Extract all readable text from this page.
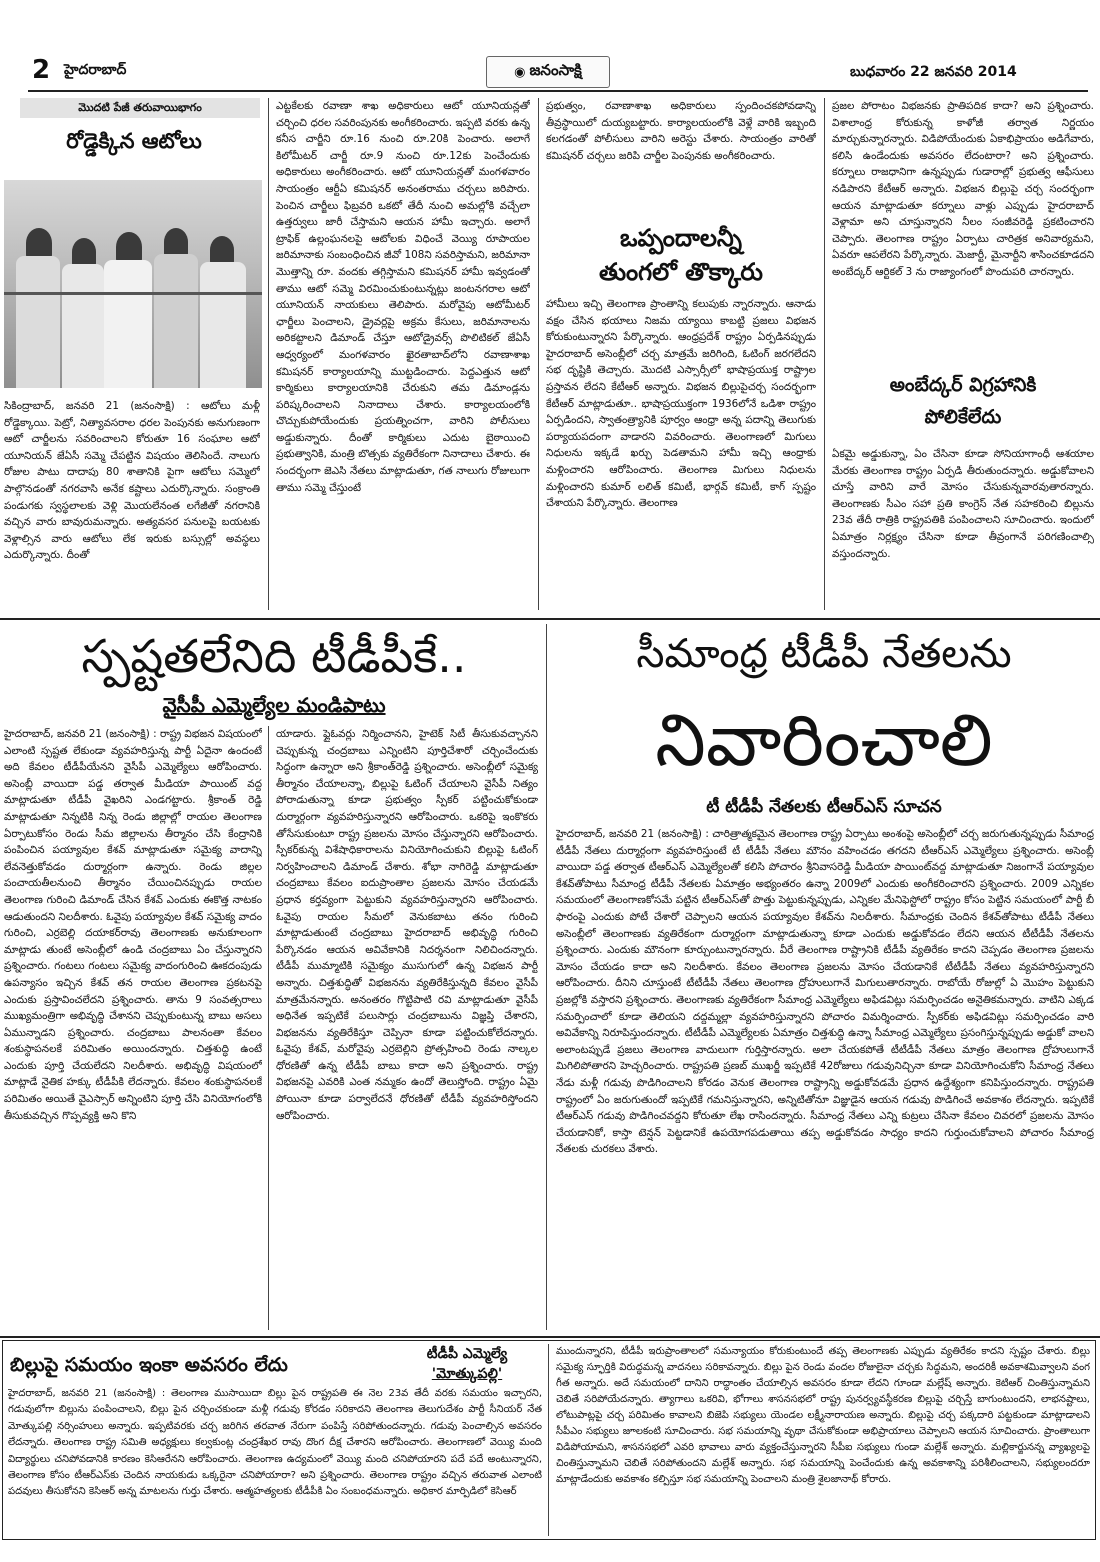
2 హైదరాబాద్	◉ జనంసాక్షి	బుధవారం 22 జనవరి 2014
మొదటి పేజీ తరువాయిభాగం
రోడ్డెక్కిన ఆటోలు
సికింద్రాబాద్, జనవరి 21 (జనంసాక్షి) : ఆటోలు మళ్లీ రోడ్డెక్కాయి. పెట్రో, నిత్యావసరాల ధరల పెంపునకు అనుగుణంగా ఆటో చార్జీలను సవరించాలని కోరుతూ 16 సంఘాల ఆటో యూనియన్ జేఏసీ సమ్మె చేపట్టిన విషయం తెలిసిందే. నాలుగు రోజుల పాటు దాదాపు 80 శాతానికి పైగా ఆటోలు సమ్మెలో పాల్గొనడంతో నగరవాసి అనేక కష్టాలు ఎదుర్కొన్నారు. సంక్రాంతి పండుగకు స్వస్థలాలకు వెళ్లి మొయలేనంత లగేజీతో నగరానికి వచ్చిన వారు బావురుమన్నారు. అత్యవసర పనులపై బయటకు వెళ్లాల్సిన వారు ఆటోలు లేక ఇరుకు బస్సుల్లో అవస్థలు ఎదుర్కొన్నారు. దీంతో
ఎట్టకేలకు రవాణా శాఖ అధికారులు ఆటో యూనియన్లతో చర్చించి ధరల సవరింపునకు అంగీకరించారు. ఇప్పటి వరకు ఉన్న కనీస చార్జీని రూ.16 నుంచి రూ.20కి పెంచారు. అలాగే కిలోమీటర్ చార్జీ రూ.9 నుంచి రూ.12కు పెంచేందుకు అధికారులు అంగీకరించారు. ఆటో యూనియన్లతో మంగళవారం సాయంత్రం ఆర్టీఏ కమిషనర్ అనంతరాము చర్చలు జరిపారు. పెంచిన చార్జీలు ఫిబ్రవరి ఒకటో తేదీ నుంచి అమల్లోకి వచ్చేలా ఉత్తర్వులు జారీ చేస్తామని ఆయన హామీ ఇచ్చారు. అలాగే ట్రాఫిక్ ఉల్లంఘనలపై ఆటోలకు విధించే వెయ్యి రూపాయల జరిమానాకు సంబంధించిన జీవో 108ని సవరిస్తామని, జరిమానా మొత్తాన్ని రూ. వందకు తగ్గిస్తామని కమిషనర్ హామీ ఇవ్వడంతో తాము ఆటో సమ్మె విరమించుకుంటున్నట్లు జంటనగరాల ఆటో యూనియన్ నాయకులు తెలిపారు. మరోవైపు ఆటోమీటర్ ఛార్జీలు పెంచాలని, డ్రైవర్లపై అక్రమ కేసులు, జరిమానాలను అరికట్టాలని డిమాండ్ చేస్తూ ఆటోడ్రైవర్స్ పొలిటికల్ జేఏసీ ఆధ్వర్యంలో మంగళవారం ఖైరతాబాద్‌లోని రవాణాశాఖ కమిషనర్ కార్యాలయాన్ని ముట్టడించారు. పెద్దఎత్తున ఆటో కార్మికులు కార్యాలయానికి చేరుకుని తమ డిమాండ్లను పరిష్కరించాలని నినాదాలు చేశారు. కార్యాలయంలోకి చొచ్చుకుపోయేందుకు ప్రయత్నించగా, వారిని పోలీసులు అడ్డుకున్నారు. దీంతో కార్మికులు ఎదుట బైఠాయించి ప్రభుత్వానికి, మంత్రి బొత్సకు వ్యతిరేకంగా నినాదాలు చేశారు. ఈ సందర్భంగా జెఎసి నేతలు మాట్లాడుతూ, గత నాలుగు రోజులుగా తాము సమ్మె చేస్తుంటే
ప్రభుత్వం, రవాణాశాఖ అధికారులు స్పందించకపోవడాన్ని తీవ్రస్థాయిలో దుయ్యబట్టారు. కార్యాలయంలోకి వెళ్లే వారికి ఇబ్బంది కలగడంతో పోలీసులు వారిని అరెస్టు చేశారు. సాయంత్రం వారితో కమిషనర్ చర్చలు జరిపి చార్జీల పెంపునకు అంగీకరించారు.
ఒప్పందాలన్నీ
తుంగలో తొక్కారు
హామీలు ఇచ్చి తెలంగాణ ప్రాంతాన్ని కలుపుకు న్నారన్నారు. ఆనాడు వక్షం చేసిన భయాలు నిజమ య్యాయి కాబట్టి ప్రజలు విభజన కోరుకుంటున్నారని పేర్కొన్నారు. ఆంధ్రప్రదేశ్ రాష్ట్రం ఏర్పడినప్పుడు హైదరాబాద్ అసెంబ్లీలో చర్చ మాత్రమే జరిగింది, ఓటింగ్ జరగలేదని సభ దృష్టికి తెచ్చారు. మొదటి ఎస్సార్సీలో భాషాప్రయుక్త రాష్ట్రాల ప్రస్తావన లేదని కేటీఆర్ అన్నారు. విభజన బిల్లుపైచర్చ సందర్భంగా కేటీఆర్ మాట్లాడుతూ.. భాషాప్రయుక్తంగా 1936లోనే ఒడిశా రాష్ట్రం ఏర్పడిందని, స్వాతంత్ర్యానికి పూర్వం ఆంధ్రా అన్న పదాన్ని తెలుగుకు పర్యాయపదంగా వాడారని వివరించారు. తెలంగాణలో మిగులు నిధులను ఇక్కడే ఖర్చు పెడతామని హామీ ఇచ్చి ఆంధ్రాకు మళ్లించారని ఆరోపించారు. తెలంగాణ మిగులు నిధులను మళ్లించారని కుమార్ లలిత్ కమిటీ, భార్గవ్ కమిటీ, కాగ్ స్పష్టం చేశాయని పేర్కొన్నారు. తెలంగాణ
ప్రజల పోరాటం విభజనకు ప్రాతిపదిక కాదా? అని ప్రశ్నించారు. విశాలాంధ్ర కోరుకున్న కాళోజీ తర్వాత నిర్ణయం మార్చుకున్నారన్నారు. విడిపోయేందుకు ఏకాభిప్రాయం అడిగేవారు, కలిసి ఉండేందుకు అవసరం లేదంటారా? అని ప్రశ్నించారు. కర్నూలు రాజధానిగా ఉన్నప్పుడు గుడారాల్లో ప్రభుత్వ ఆఫీసులు నడిపారని కేటీఆర్ అన్నారు. విభజన బిల్లుపై చర్చ సందర్భంగా ఆయన మాట్లాడుతూ కర్నూలు వాళ్లు ఎప్పుడు హైదరాబాద్ వెళ్లామా అని చూస్తున్నారని నీలం సంజీవరెడ్డి ప్రకటించారని చెప్పారు. తెలంగాణ రాష్ట్రం ఏర్పాటు చారిత్రక అనివార్యమని, ఏవరూ ఆపలేరని పేర్కొన్నారు. మెజార్టీ, మైనార్టీని శాసించకూడదని అంబేద్కర్ ఆర్టికల్ 3 ను రాజ్యాంగంలో పొందుపరి చారన్నారు.
అంబేద్కర్ విగ్రహానికి
పోలికేలేదు
ఏకమై అడ్డుకున్నా, ఏం చేసినా కూడా సోనియాగాంధీ ఆశయాల మేరకు తెలంగాణ రాష్ట్రం ఏర్పడి తీరుతుందన్నారు. అడ్డుకోవాలని చూస్తే వారిని వారే మోసం చేసుకున్నవారవుతారన్నారు. తెలంగాణకు సీఎం సహా ప్రతి కాంగ్రెస్ నేత సహకరించి బిల్లును 23వ తేదీ రాత్రికి రాష్ట్రపతికి పంపించాలని సూచించారు. ఇందులో ఏమాత్రం నిర్లక్ష్యం చేసినా కూడా తీవ్రంగానే పరిగణించాల్సి వస్తుందన్నారు.
స్పష్టతలేనిది టీడీపీకే..
వైసీపీ ఎమ్మెల్యేల మండిపాటు
హైదరాబాద్, జనవరి 21 (జనంసాక్షి) : రాష్ట్ర విభజన విషయంలో ఎలాంటి స్పష్టత లేకుండా వ్యవహరిస్తున్న పార్టీ ఏదైనా ఉందంటే అది కేవలం టీడీపీయేనని వైసీపీ ఎమ్మెల్యేలు ఆరోపించారు. అసెంబ్లీ వాయిదా పడ్డ తర్వాత మీడియా పాయింట్ వద్ద మాట్లాడుతూ టీడీపీ వైఖరిని ఎండగట్టారు. శ్రీకాంత్ రెడ్డి మాట్లాడుతూ నిన్నటికి నిన్న రెండు జిల్లాల్లో రాయల తెలంగాణ ఏర్పాటుకోసం రెండు సీమ జిల్లాలను తీర్మానం చేసి కేంద్రానికి పంపించిన పయ్యావుల కేశవ్ మాట్లాడుతూ సమైక్య వాదాన్ని లేవనెత్తుకోవడం దుర్మార్గంగా ఉన్నారు. రెండు జిల్లల పంచాయతీలనుంచి తీర్మానం చేయించినప్పుడు రాయల తెలంగాణ గురించి డిమాండ్ చేసిన కేశవ్ ఎందుకు ఈకొత్త నాటకం ఆడుతుందని నిలదీశారు. ఓవైపు పయ్యావుల కేశవ్ సమైక్య వాదం గురించి, ఎర్రబెల్లి దయాకర్‌రావు తెలంగాణకు అనుకూలంగా మాట్లాడు తుంటే అసెంబ్లీలో ఉండి చంద్రబాబు ఏం చేస్తున్నారని ప్రశ్నించారు. గంటలు గంటలు సమైక్య వాదంగురించి ఊకదంపుడు ఉపన్యాసం ఇచ్చిన కేశవ్ తన రాయల తెలంగాణ ప్రకటనపై ఎందుకు ప్రస్తావించలేదని ప్రశ్నించారు. తాను 9 సంవత్సరాలు ముఖ్యమంత్రిగా అభివృద్ధి చేశానని చెప్పుకుంటున్న బాబు అసలు ఏమున్నాడని ప్రశ్నించారు. చంద్రబాబు పాలనంతా కేవలం శంకుస్థాపనలకే పరిమితం అయిందన్నారు. చిత్తశుద్ధి ఉంటే ఎందుకు పూర్తి చేయలేదని నిలదీశారు. అభివృద్ధి విషయంలో మాట్లాడే నైతిక హక్కు టీడీపీకి లేదన్నారు. కేవలం శంకుస్థాపనలకే పరిమితం అయితే వైఎస్సార్ అన్నింటిని పూర్తి చేసి వినియోగంలోకి తీసుకువచ్చిన గొప్పవ్యక్తి అని కొని
యాడారు. ఫ్లైఓవర్లు నిర్మించానని, హైటెక్ సిటీ తీసుకువచ్చానని చెప్పుకున్న చంద్రబాబు ఎన్నింటిని పూర్తిచేశారో చర్చించేందుకు సిద్ధంగా ఉన్నారా అని శ్రీకాంత్‌రెడ్డి ప్రశ్నించారు. అసెంబ్లీలో సమైక్య తీర్మానం చేయాలన్నా, బిల్లుపై ఓటింగ్ చేయాలని వైసీపీ నిత్యం పోరాడుతున్నా కూడా ప్రభుత్వం స్పీకర్ పట్టించుకోకుండా దుర్మార్గంగా వ్యవహరిస్తున్నారని ఆరోపించారు. ఒకరిపై ఇంకొకరు తోసేసుకుంటూ రాష్ట్ర ప్రజలను మోసం చేస్తున్నారని ఆరోపించారు. స్పీకర్‌కున్న విశేషాధికారాలను వినియోగించుకుని బిల్లుపై ఓటింగ్ నిర్వహించాలని డిమాండ్ చేశారు. శోభా నాగిరెడ్డి మాట్లాడుతూ చంద్రబాబు కేవలం ఐదుప్రాంతాల ప్రజలను మోసం చేయడమే ప్రధాన కర్తవ్యంగా పెట్టుకుని వ్యవహరిస్తున్నారని ఆరోపించారు. ఓవైపు రాయల సీమలో వెనుకబాటు తనం గురించి మాట్లాడుతుంటే చంద్రబాబు హైదరాబాద్ అభివృద్ధి గురించి పేర్కొనడం ఆయన అవివేకానికి నిదర్శనంగా నిలిచిందన్నారు. టీడీపీ ముమ్మాటికి సమైక్యం ముసుగులో ఉన్న విభజన పార్టీ అన్నారు. చిత్తశుద్ధితో విభజనను వ్యతిరేకిస్తున్నది కేవలం వైసీపీ మాత్రమేనన్నారు. అనంతరం గొట్టిపాటి రవి మాట్లాడుతూ వైసీపీ అధినేత ఇప్పటికే పలుసార్లు చంద్రబాబును విజ్ఞప్తి చేశారని, విభజనను వ్యతిరేకిస్తూ చెప్పినా కూడా పట్టించుకోలేదన్నారు. ఓవైపు కేశవ్, మరోవైపు ఎర్రబెల్లిని ప్రోత్సహించి రెండు నాల్కల ధోరణితో ఉన్న టీడీపీ బాబు కాదా అని ప్రశ్నించారు. రాష్ట్ర విభజనపై ఎవరికి ఎంత నమ్మకం ఉందో తెలుస్తోంది. రాష్ట్రం ఏమై పోయినా కూడా పర్వాలేదనే ధోరణితో టీడీపీ వ్యవహరిస్తోందని ఆరోపించారు.
సీమాంధ్ర టీడీపీ నేతలను
నివారించాలి
టీ టీడీపీ నేతలకు టీఆర్ఎస్ సూచన
హైదరాబాద్, జనవరి 21 (జనంసాక్షి) : చారిత్రాత్మకమైన తెలంగాణ రాష్ట్ర ఏర్పాటు అంశంపై అసెంబ్లీలో చర్చ జరుగుతున్నప్పుడు సీమాంధ్ర టీడీపీ నేతలు దుర్మార్గంగా వ్యవహరిస్తుంటే టీ టీడీపీ నేతలు మౌనం వహించడం తగదని టీఆర్ఎస్ ఎమ్మెల్యేలు ప్రశ్నించారు. అసెంబ్లీ వాయిదా పడ్డ తర్వాత టీఆర్ఎస్ ఎమ్మెల్యేలతో కలిసి పోచారం శ్రీనివాసరెడ్డి మీడియా పాయింట్‌వద్ద మాట్లాడుతూ నిజంగానే పయ్యావుల కేశవ్‌తోపాటు సీమాంధ్ర టీడీపీ నేతలకు ఏమాత్రం అభ్యంతరం ఉన్నా 2009లో ఎందుకు అంగీకరించారని ప్రశ్నించారు. 2009 ఎన్నికల సమయంలో తెలంగాణకోసమే పట్టిన టీఆర్ఎస్‌తో పొత్తు పెట్టుకున్నప్పుడు, ఎన్నికల మేనిఫెస్టోలో రాష్ట్రం కోసం పెట్టిన సమయంలో పార్టీ బీ ఫారంపై ఎందుకు పోటీ చేశారో చెప్పాలని ఆయన పయ్యావుల కేశవ్‌ను నిలదీశారు. సీమాంధ్రకు చెందిన కేశవ్‌తోపాటు టీడీపీ నేతలు అసెంబ్లీలో తెలంగాణకు వ్యతిరేకంగా దుర్మార్గంగా మాట్లాడుతున్నా కూడా ఎందుకు అడ్డుకోవడం లేదని ఆయన టీటీడీపీ నేతలను ప్రశ్నించారు. ఎందుకు మౌనంగా కూర్చుంటున్నారన్నారు. వీరే తెలంగాణ రాష్ట్రానికి టీడీపీ వ్యతిరేకం కాదని చెప్పడం తెలంగాణ ప్రజలను మోసం చేయడం కాదా అని నిలదీశారు. కేవలం తెలంగాణ ప్రజలను మోసం చేయడానికే టీటీడీపీ నేతలు వ్యవహరిస్తున్నారని ఆరోపించారు. దీనిని చూస్తుంటే టీటీడీపీ నేతలు తెలంగాణ ద్రోహులుగానే మిగులుతారన్నారు. రాబోయే రోజుల్లో ఏ మొహం పెట్టుకుని ప్రజల్లోకి వస్తారని ప్రశ్నించారు. తెలంగాణకు వ్యతిరేకంగా సీమాంధ్ర ఎమ్మెల్యేలు అఫిడవిట్లు సమర్పించడం అనైతికమన్నారు. వాటిని ఎక్కడ సమర్పించాలో కూడా తెలియని దద్దమ్మల్లా వ్యవహరిస్తున్నారని పోచారం విమర్శించారు. స్పీకర్‌కు అఫిడవిట్లు సమర్పించడం వారి అవివేకాన్ని నిరూపిస్తుందన్నారు. టీటీడీపీ ఎమ్మెల్యేలకు ఏమాత్రం చిత్తశుద్ధి ఉన్నా సీమాంధ్ర ఎమ్మెల్యేలు ప్రసంగిస్తున్నప్పుడు అడ్డుకో వాలని అలాంటప్పుడే ప్రజలు తెలంగాణ వాదులుగా గుర్తిస్తారన్నారు. అలా చేయకపోతే టీటీడీపీ నేతలు మాత్రం తెలంగాణ ద్రోహులుగానే మిగిలిపోతారని హెచ్చరించారు. రాష్ట్రపతి ప్రణబ్ ముఖర్జీ ఇప్పటికే 42రోజులు గడువునిచ్చినా కూడా వినియోగించుకోని సీమాంధ్ర నేతలు నేడు మళ్లీ గడువు పొడిగించాలని కోరడం వెనుక తెలంగాణ రాష్ట్రాన్ని అడ్డుకోవడమే ప్రధాన ఉద్దేశ్యంగా కనిపిస్తుందన్నారు. రాష్ట్రపతి రాష్ట్రంలో ఏం జరుగుతుందో ఇప్పటికే గమనిస్తున్నారని, అన్నిటితోనూ విజ్ఞుడైన ఆయన గడువు పొడిగించే అవకాశం లేదన్నారు. ఇప్పటికే టీఆర్ఎస్ గడువు పొడిగించవద్దని కోరుతూ లేఖ రాసిందన్నారు. సీమాంధ్ర నేతలు ఎన్ని కుట్రలు చేసినా కేవలం చివరలో ప్రజలను మోసం చేయడానికో, కాస్తా టెన్షన్ పెట్టడానికే ఉపయోగపడుతాయి తప్ప అడ్డుకోవడం సాధ్యం కాదని గుర్తుంచుకోవాలని పోచారం సీమాంధ్ర నేతలకు చురకలు వేశారు.
బిల్లుపై సమయం ఇంకా అవసరం లేదు	టీడీపీ ఎమ్మెల్యే
'మోత్కుపల్లి'
హైదరాబాద్, జనవరి 21 (జనంసాక్షి) : తెలంగాణ ముసాయిదా బిల్లు పైన రాష్ట్రపతి ఈ నెల 23వ తేదీ వరకు సమయం ఇచ్చారని, గడువులోగా బిల్లును పంపించాలని, బిల్లు పైన చర్చించకుండా మళ్లీ గడువు కోరడం సరికాదని తెలంగాణ తెలుగుదేశం పార్టీ సీనియర్ నేత మోత్కుపల్లి నర్సింహులు అన్నారు. ఇప్పటివరకు చర్చ జరిగిన తరవాత నేరుగా పంపిస్తే సరిపోతుందన్నారు. గడువు పెంచాల్సిన అవసరం లేదన్నారు. తెలంగాణ రాష్ట్ర సమితి అధ్యక్షులు కల్వకుంట్ల చంద్రశేఖర రావు దొంగ దీక్ష చేశారని ఆరోపించారు. తెలంగాణలో వెయ్యి మంది విద్యార్థులు చనిపోవడానికి కారణం కెసిఆరేనని ఆరోపించారు. తెలంగాణ ఉద్యమంలో వెయ్యి మంది చనిపోయారని పదే పదే అంటున్నారని, తెలంగాణ కోసం టీఆర్ఎస్‌కు చెందిన నాయకుడు ఒక్కరైనా చనిపోయారా? అని ప్రశ్నించారు. తెలంగాణ రాష్ట్రం వచ్చిన తరువాత ఎలాంటి పదవులు తీసుకోనని కెసిఆర్ అన్న మాటలను గుర్తు చేశారు. ఆత్మహత్యలకు టీడీపీకి ఏం సంబంధమన్నారు. అధికార మార్పిడిలో కెసిఆర్
ముందున్నారని, టీడీపీ ఇరుప్రాంతాలలో సమన్యాయం కోరుకుంటుందే తప్ప తెలంగాణకు ఎప్పుడు వ్యతిరేకం కాదని స్పష్టం చేశారు. బిల్లు సమైక్య స్ఫూర్తికి విరుద్ధమన్న వాదనలు సరికావన్నారు. బిల్లు పైన రెండు వందల రోజులైనా చర్చకు సిద్ధమని, అందరికీ అవకాశమివ్వాలని వంగ గీత అన్నారు. అదే సమయంలో దానిని రాద్ధాంతం చేయాల్సిన అవసరం కూడా లేదని గూండా మల్లేష్ అన్నారు. కెటిఆర్ చింతిస్తున్నామని చెబితే సరిపోయేదన్నారు. త్యాగాలు ఒకరివి, భోగాలు శాసనసభలో రాష్ట్ర పునర్వ్యవస్థీకరణ బిల్లుపై చర్చిస్తే బాగుంటుందని, లాభనష్టాలు, లోటుపాట్లపై చర్చ పరిమితం కావాలని బిజెపి సభ్యులు యెండల లక్ష్మీనారాయణ అన్నారు. బిల్లుపై చర్చ పక్కదారి పట్టకుండా మాట్లాడాలని సీపీఎం సభ్యులు జూలకంటి సూచించారు. సభ సమయాన్ని వృథా చేసుకోకుండా అభిప్రాయాలు చెప్పాలని ఆయన సూచించారు. ప్రాంతాలుగా విడిపోయామని, శాసనసభలో ఎవరి భావాలు వారు వ్యక్తంచేస్తున్నారని సీపీఐ సభ్యులు గుండా మల్లేశ్ అన్నారు. మల్లికార్జునన్న వ్యాఖ్యలపై చింతిస్తున్నామని చెబితే సరిపోతుందని మల్లేశ్ అన్నారు. సభ సమయాన్ని పెంచేందుకు ఉన్న అవకాశాన్ని పరిశీలించాలని, సభ్యులందరూ మాట్లాడేందుకు అవకాశం కల్పిస్తూ సభ సమయాన్ని పెంచాలని మంత్రి శైలజానాథ్ కోరారు.
